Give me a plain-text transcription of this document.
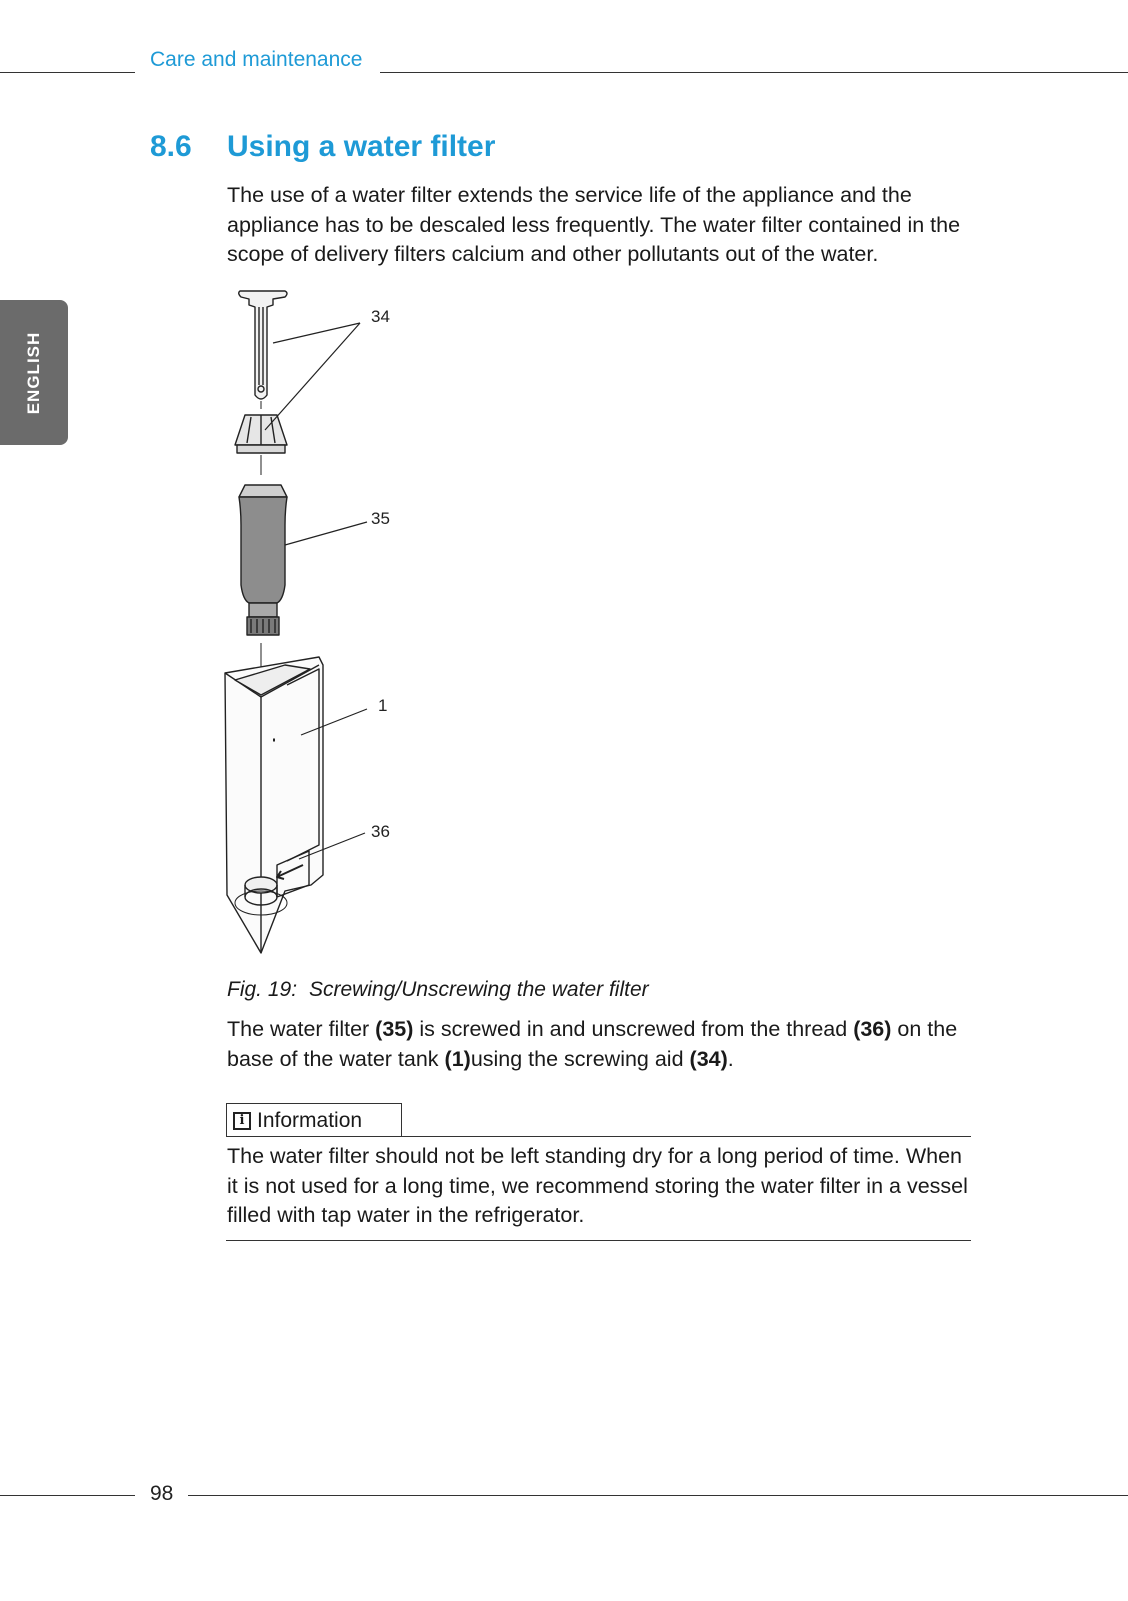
Care and maintenance
ENGLISH
8.6 Using a water filter

The use of a water filter extends the service life of the appliance and the appliance has to be descaled less frequently. The water filter contained in the scope of delivery filters calcium and other pollutants out of the water.

34
35
1
36
Fig. 19: Screwing/Unscrewing the water filter

The water filter (35) is screwed in and unscrewed from the thread (36) on the base of the water tank (1)using the screwing aid (34).

i Information

The water filter should not be left standing dry for a long period of time. When it is not used for a long time, we recommend storing the water filter in a vessel filled with tap water in the refrigerator.

98
